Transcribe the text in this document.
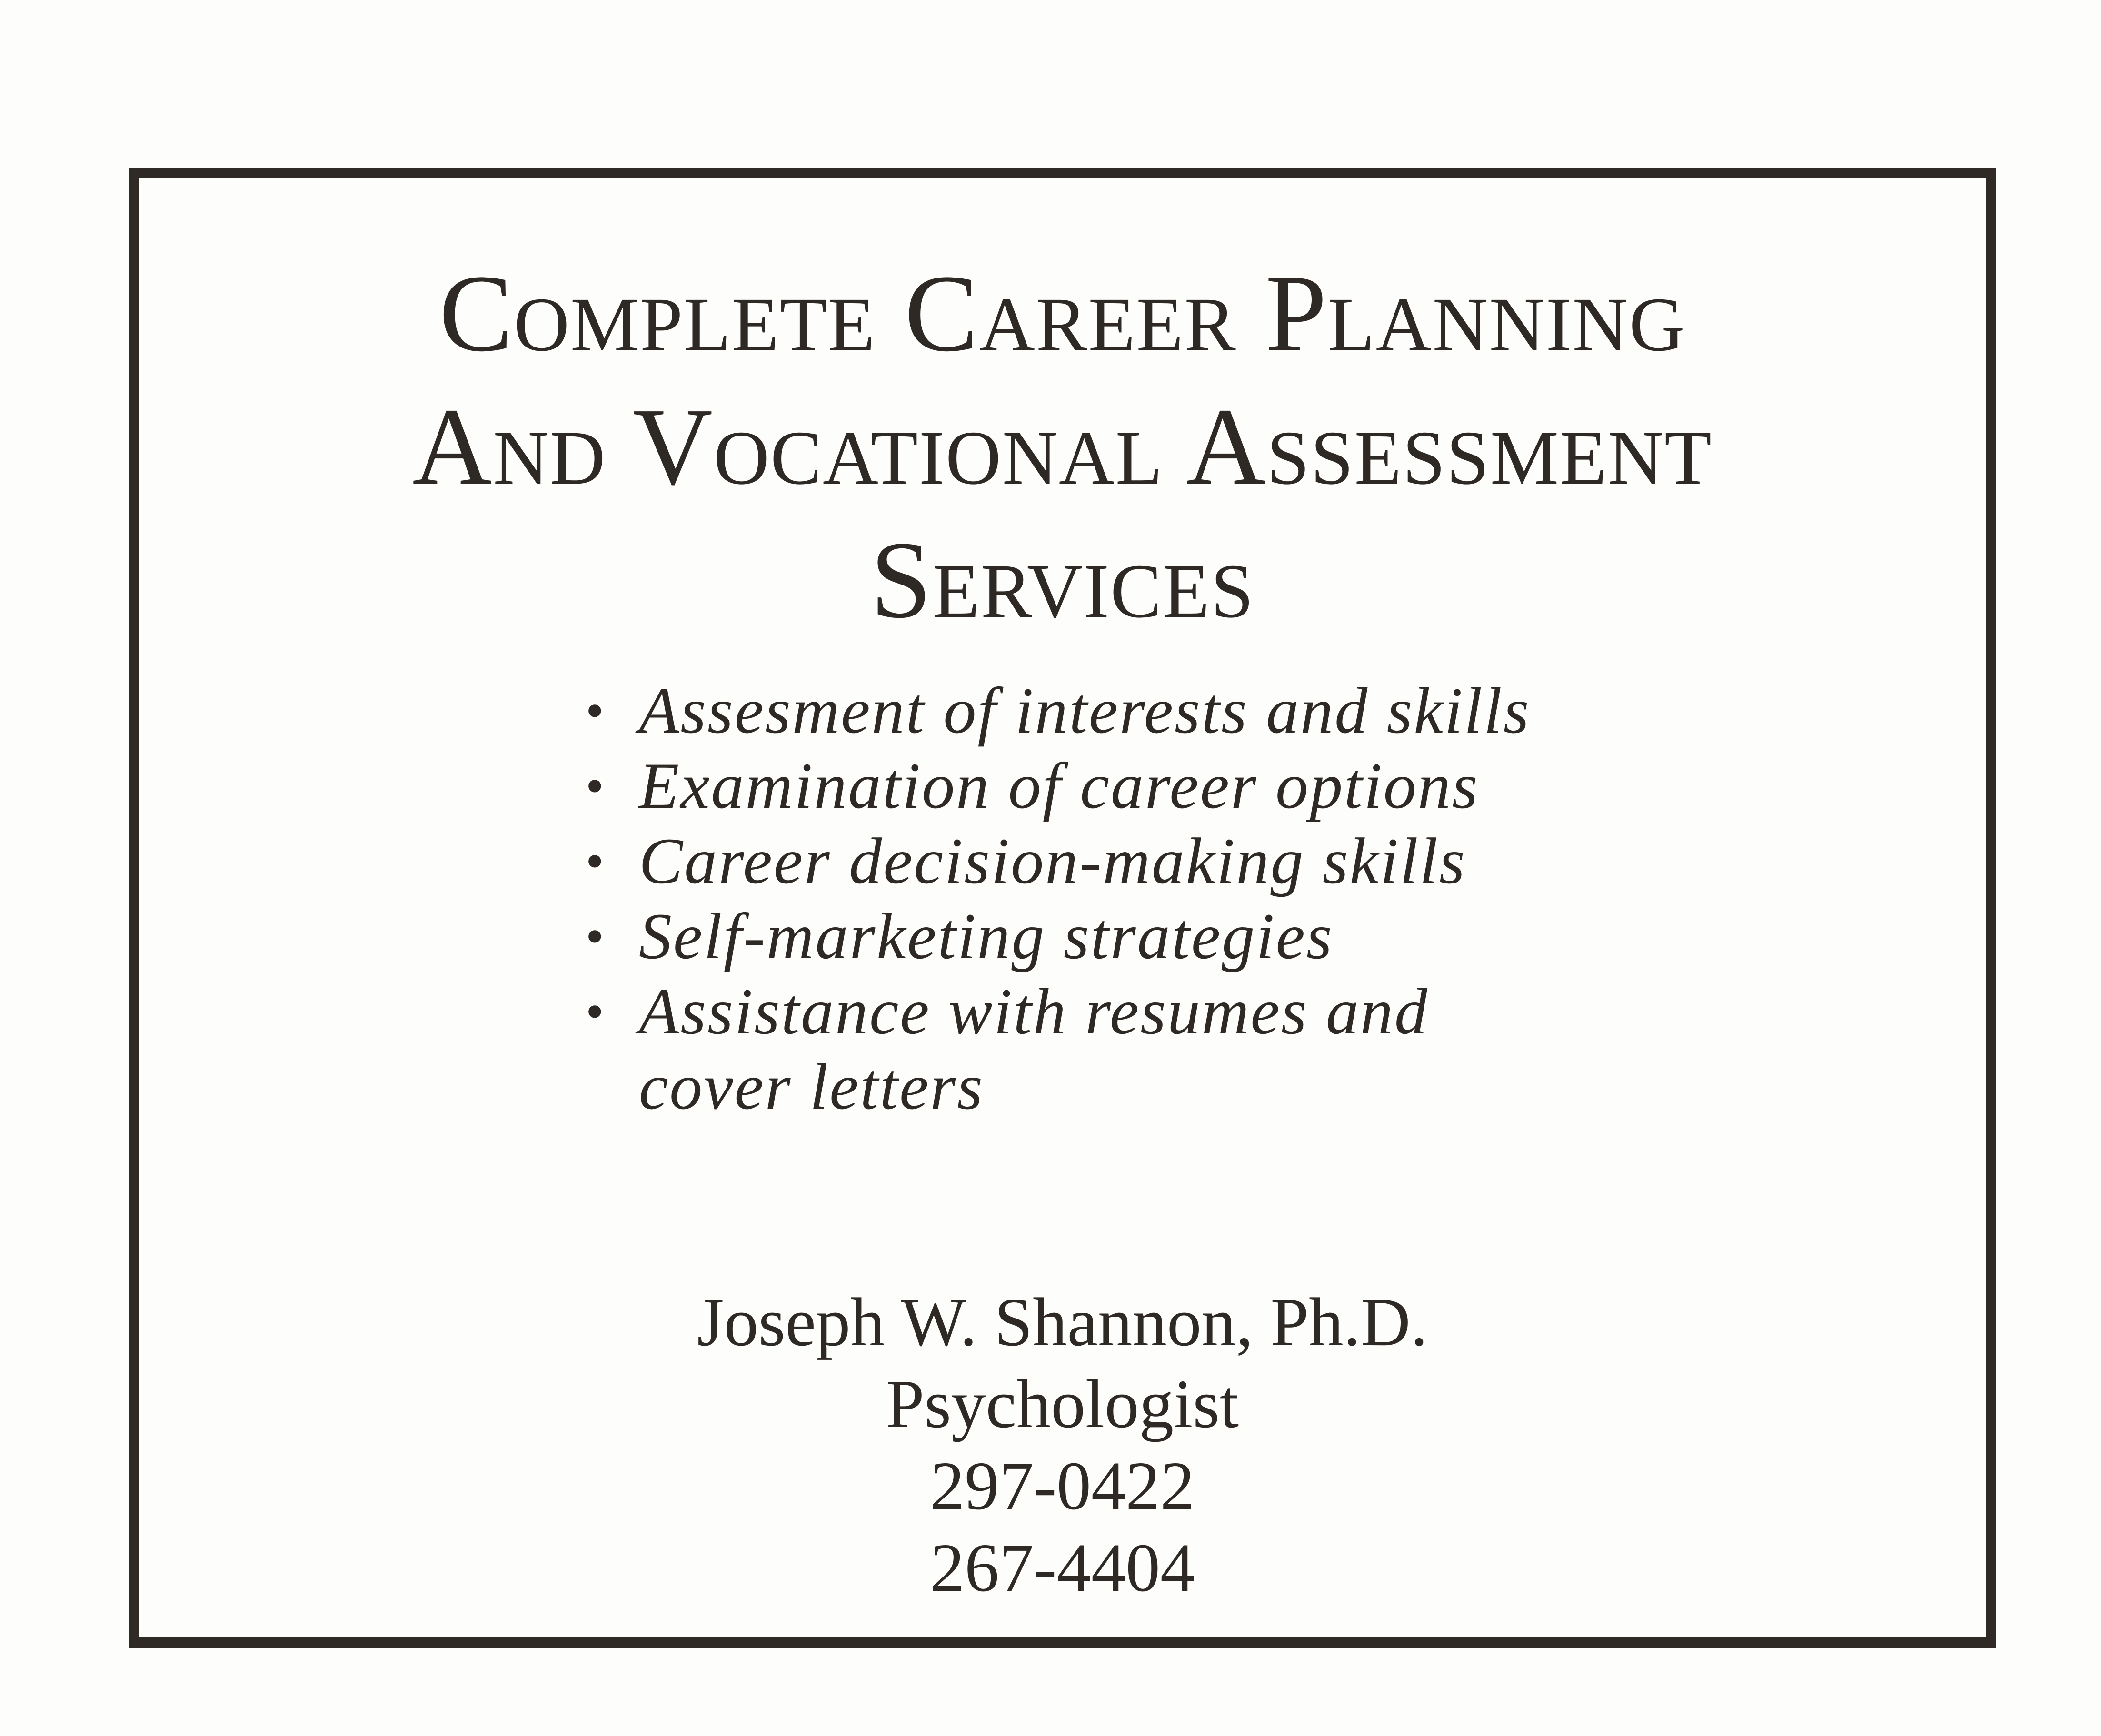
Complete Career Planning
And Vocational Assessment
Services
• Assesment of interests and skills
• Examination of career options
• Career decision-making skills
• Self-marketing strategies
• Assistance with resumes and cover letters
Joseph W. Shannon, Ph.D.
Psychologist
297-0422
267-4404
